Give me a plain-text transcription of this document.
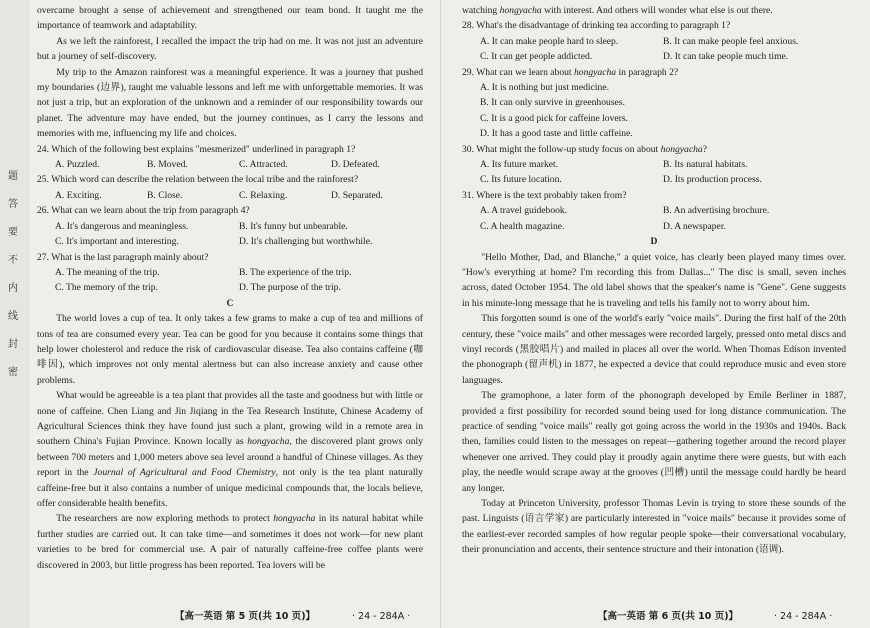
题
答
要
不
内
线
封
密

overcame brought a sense of achievement and strengthened our team bond. It taught me the importance of teamwork and adaptability.

As we left the rainforest, I recalled the impact the trip had on me. It was not just an adventure but a journey of self-discovery.

My trip to the Amazon rainforest was a meaningful experience. It was a journey that pushed my boundaries (边界), taught me valuable lessons and left me with unforgettable memories. It was not just a trip, but an exploration of the unknown and a reminder of our responsibility towards our planet. The adventure may have ended, but the journey continues, as I carry the lessons and memories with me, influencing my life and choices.

24. Which of the following best explains "mesmerized" underlined in paragraph 1?

A. Puzzled.	B. Moved.	C. Attracted.	D. Defeated.

25. Which word can describe the relation between the local tribe and the rainforest?

A. Exciting.	B. Close.	C. Relaxing.	D. Separated.

26. What can we learn about the trip from paragraph 4?

A. It's dangerous and meaningless.	B. It's funny but unbearable.
C. It's important and interesting.	D. It's challenging but worthwhile.

27. What is the last paragraph mainly about?

A. The meaning of the trip.	B. The experience of the trip.
C. The memory of the trip.	D. The purpose of the trip.

C

The world loves a cup of tea. It only takes a few grams to make a cup of tea and millions of tons of tea are consumed every year. Tea can be good for you because it contains some things that help lower cholesterol and reduce the risk of cardiovascular disease. Tea also contains caffeine (咖啡因), which improves not only mental alertness but can also increase anxiety and cause other problems.

What would be agreeable is a tea plant that provides all the taste and goodness but with little or none of caffeine. Chen Liang and Jin Jiqiang in the Tea Research Institute, Chinese Academy of Agricultural Sciences think they have found just such a plant, growing wild in a remote area in southern China's Fujian Province. Known locally as hongyacha, the discovered plant grows only between 700 meters and 1,000 meters above sea level around a handful of Chinese villages. As they report in the Journal of Agricultural and Food Chemistry, not only is the tea plant naturally caffeine-free but it also contains a number of unique medicinal compounds that, the locals believe, offer considerable health benefits.

The researchers are now exploring methods to protect hongyacha in its natural habitat while further studies are carried out. It can take time—and sometimes it does not work—for new plant varieties to be bred for commercial use. A pair of naturally caffeine-free coffee plants were discovered in 2003, but little progress has been reported. Tea lovers will be

watching hongyacha with interest. And others will wonder what else is out there.

28. What's the disadvantage of drinking tea according to paragraph 1?

A. It can make people hard to sleep.	B. It can make people feel anxious.
C. It can get people addicted.	D. It can take people much time.

29. What can we learn about hongyacha in paragraph 2?

A. It is nothing but just medicine.
B. It can only survive in greenhouses.
C. It is a good pick for caffeine lovers.
D. It has a good taste and little caffeine.

30. What might the follow-up study focus on about hongyacha?

A. Its future market.	B. Its natural habitats.
C. Its future location.	D. Its production process.

31. Where is the text probably taken from?

A. A travel guidebook.	B. An advertising brochure.
C. A health magazine.	D. A newspaper.

D

"Hello Mother, Dad, and Blanche," a quiet voice, has clearly been played many times over. "How's everything at home? I'm recording this from Dallas..." The disc is small, seven inches across, dated October 1954. The old label shows that the speaker's name is "Gene". Gene suggests in his minute-long message that he is traveling and tells his family not to worry about him.

This forgotten sound is one of the world's early "voice mails". During the first half of the 20th century, these "voice mails" and other messages were recorded largely, pressed onto metal discs and vinyl records (黑胶唱片) and mailed in places all over the world. When Thomas Edison invented the phonograph (留声机) in 1877, he expected a device that could reproduce music and even store languages.

The gramophone, a later form of the phonograph developed by Emile Berliner in 1887, provided a first possibility for recorded sound being used for long distance communication. The practice of sending "voice mails" really got going across the world in the 1930s and 1940s. Back then, families could listen to the messages on repeat—gathering together around the record player whenever one arrived. They could play it proudly again anytime there were guests, but with each play, the needle would scrape away at the grooves (凹槽) until the message could hardly be heard any longer.

Today at Princeton University, professor Thomas Levin is trying to store these sounds of the past. Linguists (语言学家) are particularly interested in "voice mails" because it provides some of the earliest-ever recorded samples of how regular people spoke—their conversational vocabulary, their pronunciation and accents, their sentence structure and their intonation (语调).

【高一英语 第 5 页(共 10 页)】	· 24 - 284A ·	【高一英语 第 6 页(共 10 页)】	· 24 - 284A ·
